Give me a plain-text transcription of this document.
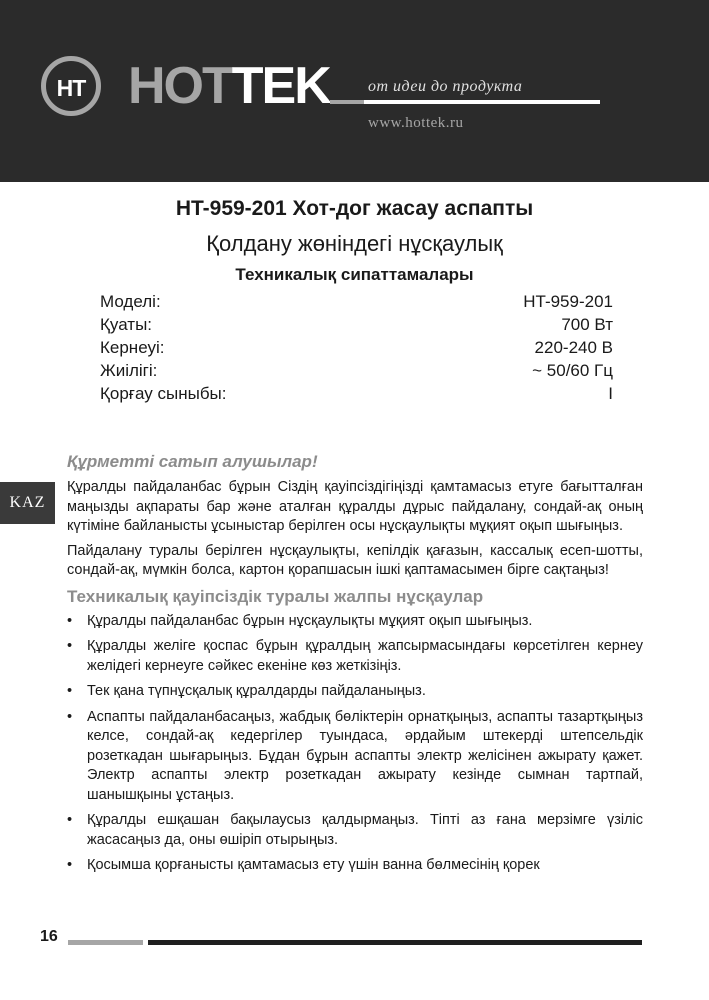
HT HOTTEK от идеи до продукта
www.hottek.ru
HT-959-201 Хот-дог жасау аспапты
Қолдану жөніндегі нұсқаулық
Техникалық сипаттамалары
Моделі:	HT-959-201
Қуаты:	700 Вт
Кернеуі:	220-240 В
Жиілігі:	~ 50/60 Гц
Қорғау сыныбы:	I
KAZ
Құрметті сатып алушылар!

Құралды пайдаланбас бұрын Сіздің қауіпсіздігіңізді қамтамасыз етуге бағытталған маңызды ақпараты бар және аталған құралды дұрыс пайдалану, сондай-ақ оның күтіміне байланысты ұсыныстар берілген осы нұсқаулықты мұқият оқып шығыңыз.

Пайдалану туралы берілген нұсқаулықты, кепілдік қағазын, кассалық есеп-шотты, сондай-ақ, мүмкін болса, картон қорапшасын ішкі қаптамасымен бірге сақтаңыз!

Техникалық қауіпсіздік туралы жалпы нұсқаулар
• Құралды пайдаланбас бұрын нұсқаулықты мұқият оқып шығыңыз.
• Құралды желіге қоспас бұрын құралдың жапсырмасындағы көрсетілген кернеу желідегі кернеуге сәйкес екеніне көз жеткізіңіз.
• Тек қана түпнұсқалық құралдарды пайдаланыңыз.
• Аспапты пайдаланбасаңыз, жабдық бөліктерін орнатқыңыз, аспапты тазартқыңыз келсе, сондай-ақ кедергілер туындаса, әрдайым штекерді штепсельдік розеткадан шығарыңыз. Бұдан бұрын аспапты электр желісінен ажырату қажет. Электр аспапты электр розеткадан ажырату кезінде сымнан тартпай, шанышқыны ұстаңыз.
• Құралды ешқашан бақылаусыз қалдырмаңыз. Тіпті аз ғана мерзімге үзіліс жасасаңыз да, оны өшіріп отырыңыз.
• Қосымша қорғанысты қамтамасыз ету үшін ванна бөлмесінің қорек
16
